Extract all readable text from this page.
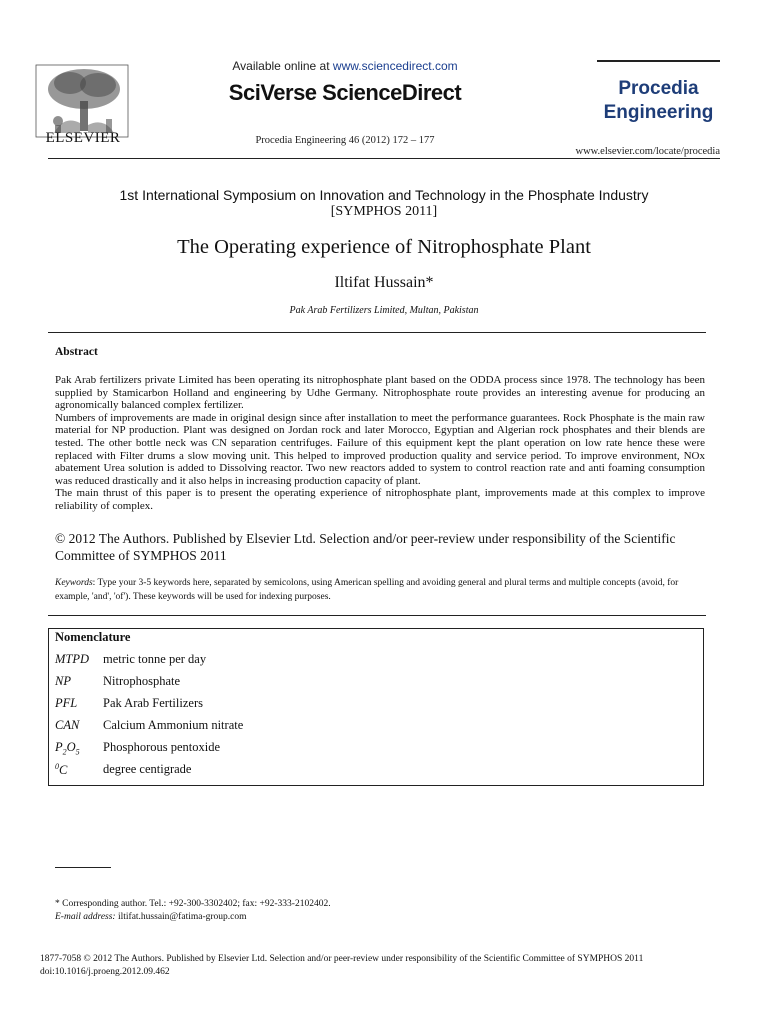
ELSEVIER
Available online at www.sciencedirect.com
SciVerse ScienceDirect
Procedia Engineering 46 (2012) 172 – 177
Procedia
Engineering
www.elsevier.com/locate/procedia
1st International Symposium on Innovation and Technology in the Phosphate Industry
[SYMPHOS 2011]
The Operating experience of Nitrophosphate Plant
Iltifat Hussain*
Pak Arab Fertilizers Limited, Multan, Pakistan
Abstract

Pak Arab fertilizers private Limited has been operating its nitrophosphate plant based on the ODDA process since 1978. The technology has been supplied by Stamicarbon Holland and engineering by Udhe Germany. Nitrophosphate route provides an interesting avenue for producing an agronomically balanced complex fertilizer.

Numbers of improvements are made in original design since after installation to meet the performance guarantees. Rock Phosphate is the main raw material for NP production. Plant was designed on Jordan rock and later Morocco, Egyptian and Algerian rock phosphates and their blends are tested. The other bottle neck was CN separation centrifuges. Failure of this equipment kept the plant operation on low rate hence these were replaced with Filter drums a slow moving unit. This helped to improved production quality and service period. To improve environment, NOx abatement Urea solution is added to Dissolving reactor. Two new reactors added to system to control reaction rate and anti foaming consumption was reduced drastically and it also helps in increasing production capacity of plant.

The main thrust of this paper is to present the operating experience of nitrophosphate plant, improvements made at this complex to improve reliability of complex.

© 2012 The Authors. Published by Elsevier Ltd. Selection and/or peer-review under responsibility of the Scientific Committee of SYMPHOS 2011
Keywords: Type your 3-5 keywords here, separated by semicolons, using American spelling and avoiding general and plural terms and multiple concepts (avoid, for example, 'and', 'of'). These keywords will be used for indexing purposes.
Nomenclature
MTPD	metric tonne per day
NP	Nitrophosphate
PFL	Pak Arab Fertilizers
CAN	Calcium Ammonium nitrate
$P_2O_5$	Phosphorous pentoxide
$^0$C	degree centigrade
* Corresponding author. Tel.: +92-300-3302402; fax: +92-333-2102402.
E-mail address: iltifat.hussain@fatima-group.com
1877-7058 © 2012 The Authors. Published by Elsevier Ltd. Selection and/or peer-review under responsibility of the Scientific Committee of SYMPHOS 2011
doi:10.1016/j.proeng.2012.09.462
